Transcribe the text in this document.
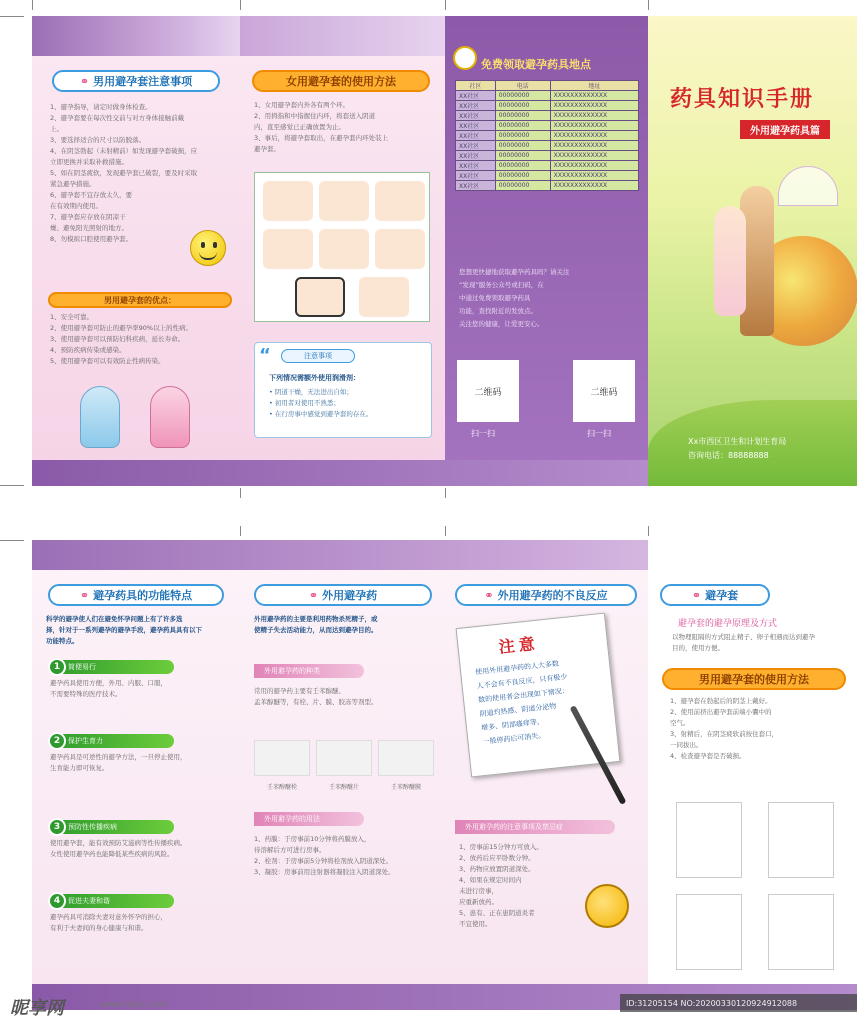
⚭ 男用避孕套注意事项
1、避孕指导，请定时做身体检查。
2、避孕套要在每次性交前与对方身体接触前戴
上。
3、要选择适合的尺寸以防脱落。
4、在阴茎勃起（未射精前）如发现避孕套破损，应
立即更换并采取补救措施。
5、如在阴茎疲软，发现避孕套已破裂，要及时采取
紧急避孕措施。
6、避孕套不宜存放太久，要
在有效期内使用。
7、避孕套应存放在阴凉干
燥、避免阳光照射的地方。
8、勿模拟口腔使用避孕套。
男用避孕套的优点：
1、安全可靠。
2、使用避孕套可防止的避孕率90%以上的性病。
3、使用避孕套可以预防妇科疾病，延长寿命。
4、预防疾病传染或感染。
5、使用避孕套可以有效防止性病传染。
女用避孕套的使用方法
1、女用避孕套内外各有两个环。
2、用拇指和中指握住内环，将套送入阴道
内，直至感觉已正确放置为止。
3、事后，将避孕套取出，在避孕套内环处装上
避孕套。
“	注意事项
下列情况需额外使用润滑剂：
• 阴道干燥，无法进出自如；
• 初用者对使用不熟悉；
• 在行房事中感觉到避孕套的存在。
免费领取避孕药具地点
社区	电话	地址
XX社区	00000000	XXXXXXXXXXXXX
XX社区	00000000	XXXXXXXXXXXXX
XX社区	00000000	XXXXXXXXXXXXX
XX社区	00000000	XXXXXXXXXXXXX
XX社区	00000000	XXXXXXXXXXXXX
XX社区	00000000	XXXXXXXXXXXXX
XX社区	00000000	XXXXXXXXXXXXX
XX社区	00000000	XXXXXXXXXXXXX
XX社区	00000000	XXXXXXXXXXXXX
XX社区	00000000	XXXXXXXXXXXXX
您想更快捷地获取避孕药具吗？请关注
“发现”服务公众号或扫码，在
中通过免费领取避孕药具
功能，查找附近的发放点。
关注您的健康，让爱更安心。
二维码	二维码
扫一扫	扫一扫
药具知识手册
外用避孕药具篇
Xx市西区卫生和计划生育局
咨询电话：88888888
⚭ 避孕药具的功能特点
科学的避孕使人们在避免怀孕问题上有了许多选
择，针对于一系列避孕的避孕手段，避孕药具具有以下
功能特点。
1	简便易行
避孕药具使用方便，外用、内服、口服，
不需要特殊的医疗技术。
2	保护生育力
避孕药具是可逆性的避孕方法，一旦停止使用，
生育能力即可恢复。
3	预防性传播疾病
使用避孕套，能有效预防艾滋病等性传播疾病。
女性使用避孕药也能降低某些疾病的风险。
4	促进夫妻和谐
避孕药具可消除夫妻对意外怀孕的担心，
有利于夫妻间的身心健康与和谐。
⚭ 外用避孕药
外用避孕药的主要是利用药物杀死精子，或
使精子失去活动能力，从而达到避孕目的。
外用避孕药的种类
常用的避孕药主要有壬苯醇醚、
孟苯醇醚等，有栓、片、膜、胶冻等剂型。
壬苯醇醚栓	壬苯醇醚片	壬苯醇醚膜
外用避孕药的用法
1、药膜：于房事前10分钟将药膜放入，
待溶解后方可进行房事。
2、栓剂：于房事前5分钟将栓剂放入阴道深处。
3、凝胶：房事前用注射器将凝胶注入阴道深处。
⚭ 外用避孕药的不良反应
注意
使用外用避孕药的人大多数
人不会有不良反应，只有极少
数的使用者会出现如下情况：
阴道灼热感、阴道分泌物
增多、阴部瘙痒等，
一般停药后可消失。
外用避孕药的注意事项及禁忌症
1、房事前15分钟方可放入。
2、放药后应平卧数分钟。
3、药物应放置阴道深处。
4、如果在规定时间内
未进行房事，
应重新放药。
5、患有、正在患阴道炎者
不宜使用。
⚭ 避孕套
避孕套的避孕原理及方式
以物理阻隔的方式阻止精子、卵子相遇而达到避孕
目的，使用方便。
男用避孕套的使用方法
1、避孕套在勃起后的阴茎上戴好。
2、使用前挤出避孕套前端小囊中的
空气。
3、射精后，在阴茎疲软前按住套口，
一同拔出。
4、检查避孕套是否破损。
昵享网	www.nipic.com	ID:31205154 NO:20200330120924912088
